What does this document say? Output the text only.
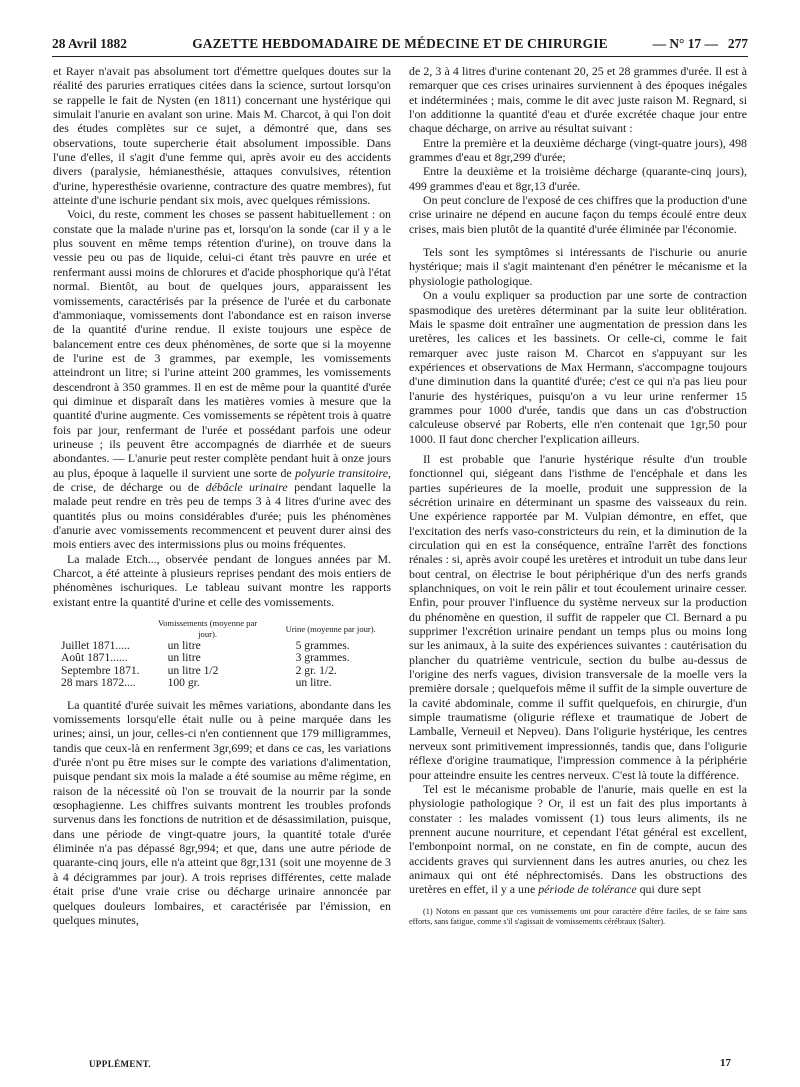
28 Avril 1882	GAZETTE HEBDOMADAIRE DE MÉDECINE ET DE CHIRURGIE	— N° 17 — 277

et Rayer n'avait pas absolument tort d'émettre quelques doutes sur la réalité des paruries erratiques citées dans la science, surtout lorsqu'on se rappelle le fait de Nysten (en 1811) concernant une hystérique qui simulait l'anurie en avalant son urine. Mais M. Charcot, à qui l'on doit des études complètes sur ce sujet, a démontré que, dans ses observations, toute supercherie était absolument impossible. Dans l'une d'elles, il s'agit d'une femme qui, après avoir eu des accidents divers (paralysie, hémianesthésie, attaques convulsives, rétention d'urine, hyperesthésie ovarienne, contracture des quatre membres), fut atteinte d'une ischurie pendant six mois, avec quelques rémissions.

Voici, du reste, comment les choses se passent habituellement : on constate que la malade n'urine pas et, lorsqu'on la sonde (car il y a le plus souvent en même temps rétention d'urine), on trouve dans la vessie peu ou pas de liquide, celui-ci étant très pauvre en urée et renfermant aussi moins de chlorures et d'acide phosphorique qu'à l'état normal. Bientôt, au bout de quelques jours, apparaissent les vomissements, caractérisés par la présence de l'urée et du carbonate d'ammoniaque, vomissements dont l'abondance est en raison inverse de la quantité d'urine rendue. Il existe toujours une espèce de balancement entre ces deux phénomènes, de sorte que si la moyenne de l'urine est de 3 grammes, par exemple, les vomissements atteindront un litre; si l'urine atteint 200 grammes, les vomissements descendront à 350 grammes. Il en est de même pour la quantité d'urée qui diminue et disparaît dans les matières vomies à mesure que la quantité d'urine augmente. Ces vomissements se répètent trois à quatre fois par jour, renfermant de l'urée et possédant parfois une odeur urineuse ; ils peuvent être accompagnés de diarrhée et de sueurs abondantes. — L'anurie peut rester complète pendant huit à onze jours au plus, époque à laquelle il survient une sorte de polyurie transitoire, de crise, de décharge ou de débâcle urinaire pendant laquelle la malade peut rendre en très peu de temps 3 à 4 litres d'urine avec des quantités plus ou moins considérables d'urée; puis les phénomènes d'anurie avec vomissements recommencent et peuvent durer ainsi des mois entiers avec des intermissions plus ou moins fréquentes.

La malade Etch..., observée pendant de longues années par M. Charcot, a été atteinte à plusieurs reprises pendant des mois entiers de phénomènes ischuriques. Le tableau suivant montre les rapports existant entre la quantité d'urine et celle des vomissements.

	Vomissements (moyenne par jour).	Urine (moyenne par jour).
Juillet 1871.....	un litre	5 grammes.
Août 1871......	un litre	3 grammes.
Septembre 1871.	un litre 1/2	2 gr. 1/2.
28 mars 1872....	100 gr.	un litre.

La quantité d'urée suivait les mêmes variations, abondante dans les vomissements lorsqu'elle était nulle ou à peine marquée dans les urines; ainsi, un jour, celles-ci n'en contiennent que 179 milligrammes, tandis que ceux-là en renferment 3gr,699; et dans ce cas, les variations d'urée n'ont pu être mises sur le compte des variations d'alimentation, puisque pendant six mois la malade a été soumise au même régime, en raison de la nécessité où l'on se trouvait de la nourrir par la sonde œsophagienne. Les chiffres suivants montrent les troubles profonds survenus dans les fonctions de nutrition et de désassimilation, puisque, dans une période de vingt-quatre jours, la quantité totale d'urée éliminée n'a pas dépassé 8gr,994; et que, dans une autre période de quarante-cinq jours, elle n'a atteint que 8gr,131 (soit une moyenne de 3 à 4 décigrammes par jour). A trois reprises différentes, cette malade était prise d'une vraie crise ou décharge urinaire annoncée par quelques douleurs lombaires, et caractérisée par l'émission, en quelques minutes,

de 2, 3 à 4 litres d'urine contenant 20, 25 et 28 grammes d'urée. Il est à remarquer que ces crises urinaires surviennent à des époques inégales et indéterminées ; mais, comme le dit avec juste raison M. Regnard, si l'on additionne la quantité d'eau et d'urée excrétée chaque jour entre chaque décharge, on arrive au résultat suivant :

Entre la première et la deuxième décharge (vingt-quatre jours), 498 grammes d'eau et 8gr,299 d'urée;

Entre la deuxième et la troisième décharge (quarante-cinq jours), 499 grammes d'eau et 8gr,13 d'urée.

On peut conclure de l'exposé de ces chiffres que la production d'une crise urinaire ne dépend en aucune façon du temps écoulé entre deux crises, mais bien plutôt de la quantité d'urée éliminée par l'économie.

Tels sont les symptômes si intéressants de l'ischurie ou anurie hystérique; mais il s'agit maintenant d'en pénétrer le mécanisme et la physiologie pathologique.

On a voulu expliquer sa production par une sorte de contraction spasmodique des uretères déterminant par la suite leur oblitération. Mais le spasme doit entraîner une augmentation de pression dans les uretères, les calices et les bassinets. Or celle-ci, comme le fait remarquer avec juste raison M. Charcot en s'appuyant sur les expériences et observations de Max Hermann, s'accompagne toujours d'une diminution dans la quantité d'urée; c'est ce qui n'a pas lieu pour l'anurie des hystériques, puisqu'on a vu leur urine renfermer 15 grammes pour 1000 d'urée, tandis que dans un cas d'obstruction calculeuse observé par Roberts, elle n'en contenait que 1gr,50 pour 1000. Il faut donc chercher l'explication ailleurs.

Il est probable que l'anurie hystérique résulte d'un trouble fonctionnel qui, siégeant dans l'isthme de l'encéphale et dans les parties supérieures de la moelle, produit une suppression de la sécrétion urinaire en déterminant un spasme des vaisseaux du rein. Une expérience rapportée par M. Vulpian démontre, en effet, que l'excitation des nerfs vaso-constricteurs du rein, et la diminution de la circulation qui en est la conséquence, entraîne l'arrêt des fonctions rénales : si, après avoir coupé les uretères et introduit un tube dans leur bout central, on électrise le bout périphérique d'un des nerfs grands splanchniques, on voit le rein pâlir et tout écoulement urinaire cesser. Enfin, pour prouver l'influence du système nerveux sur la production du phénomène en question, il suffit de rappeler que Cl. Bernard a pu supprimer l'excrétion urinaire pendant un temps plus ou moins long sur les animaux, à la suite des expériences suivantes : cautérisation du plancher du quatrième ventricule, section du bulbe au-dessus de l'origine des nerfs vagues, division transversale de la moelle vers la première dorsale ; quelquefois même il suffit de la simple ouverture de la cavité abdominale, comme il suffit quelquefois, en chirurgie, d'un simple traumatisme (oligurie réflexe et traumatique de Jobert de Lamballe, Verneuil et Nepveu). Dans l'oligurie hystérique, les centres nerveux sont primitivement impressionnés, tandis que, dans l'oligurie réflexe d'origine traumatique, l'impression commence à la périphérie pour atteindre ensuite les centres nerveux. C'est là toute la différence.

Tel est le mécanisme probable de l'anurie, mais quelle en est la physiologie pathologique ? Or, il est un fait des plus importants à constater : les malades vomissent (1) tous leurs aliments, ils ne prennent aucune nourriture, et cependant l'état général est excellent, l'embonpoint normal, on ne constate, en fin de compte, aucun des accidents graves qui surviennent dans les autres anuries, ou chez les animaux qui ont été néphrectomisés. Dans les obstructions des uretères en effet, il y a une période de tolérance qui dure sept

(1) Notons en passant que ces vomissements ont pour caractère d'être faciles, de se faire sans efforts, sans fatigue, comme s'il s'agissait de vomissements cérébraux (Salter).

UPPLÉMENT.	17
